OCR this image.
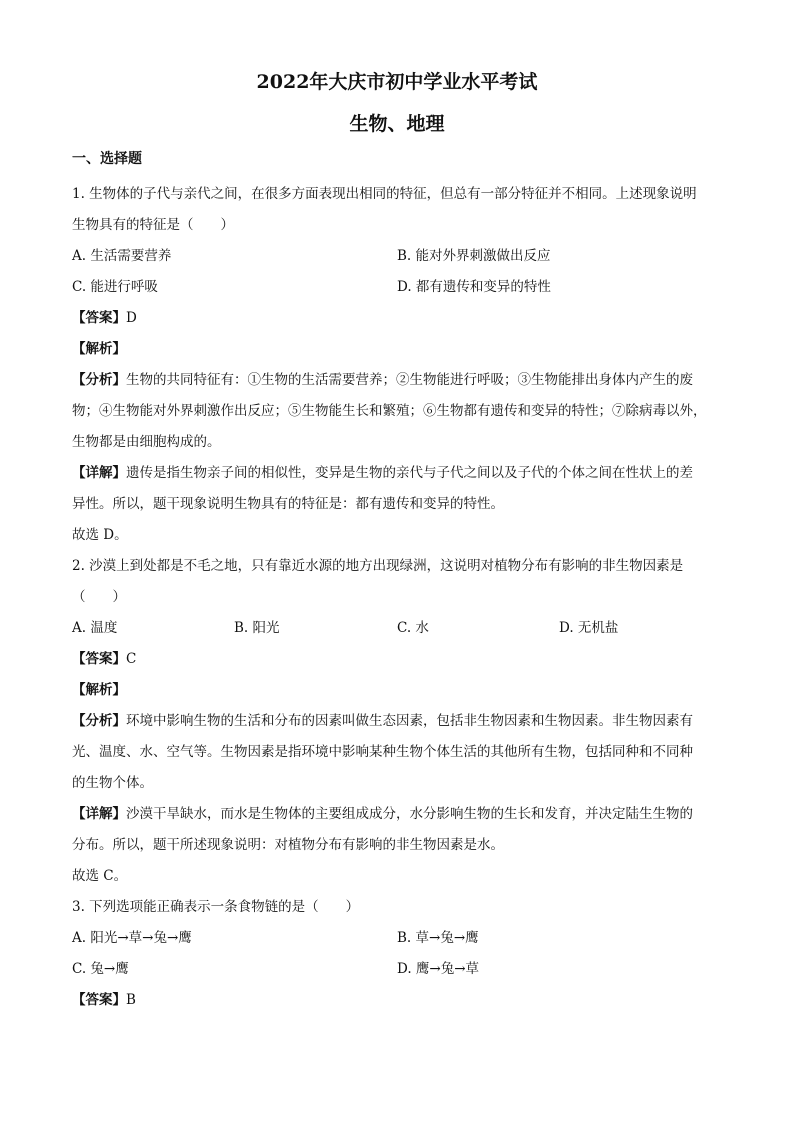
2022年大庆市初中学业水平考试
生物、地理

一、选择题

1. 生物体的子代与亲代之间，在很多方面表现出相同的特征，但总有一部分特征并不相同。上述现象说明

生物具有的特征是（　　）

A. 生活需要营养	B. 能对外界刺激做出反应
C. 能进行呼吸	D. 都有遗传和变异的特性

【答案】D

【解析】

【分析】生物的共同特征有：①生物的生活需要营养；②生物能进行呼吸；③生物能排出身体内产生的废

物；④生物能对外界刺激作出反应；⑤生物能生长和繁殖；⑥生物都有遗传和变异的特性；⑦除病毒以外，

生物都是由细胞构成的。

【详解】遗传是指生物亲子间的相似性，变异是生物的亲代与子代之间以及子代的个体之间在性状上的差

异性。所以，题干现象说明生物具有的特征是：都有遗传和变异的特性。

故选 D。

2. 沙漠上到处都是不毛之地，只有靠近水源的地方出现绿洲，这说明对植物分布有影响的非生物因素是

（　　）

A. 温度	B. 阳光	C. 水	D. 无机盐

【答案】C

【解析】

【分析】环境中影响生物的生活和分布的因素叫做生态因素，包括非生物因素和生物因素。非生物因素有

光、温度、水、空气等。生物因素是指环境中影响某种生物个体生活的其他所有生物，包括同种和不同种

的生物个体。

【详解】沙漠干旱缺水，而水是生物体的主要组成成分，水分影响生物的生长和发育，并决定陆生生物的

分布。所以，题干所述现象说明：对植物分布有影响的非生物因素是水。

故选 C。

3. 下列选项能正确表示一条食物链的是（　　）

A. 阳光→草→兔→鹰	B. 草→兔→鹰
C. 兔→鹰	D. 鹰→兔→草

【答案】B
